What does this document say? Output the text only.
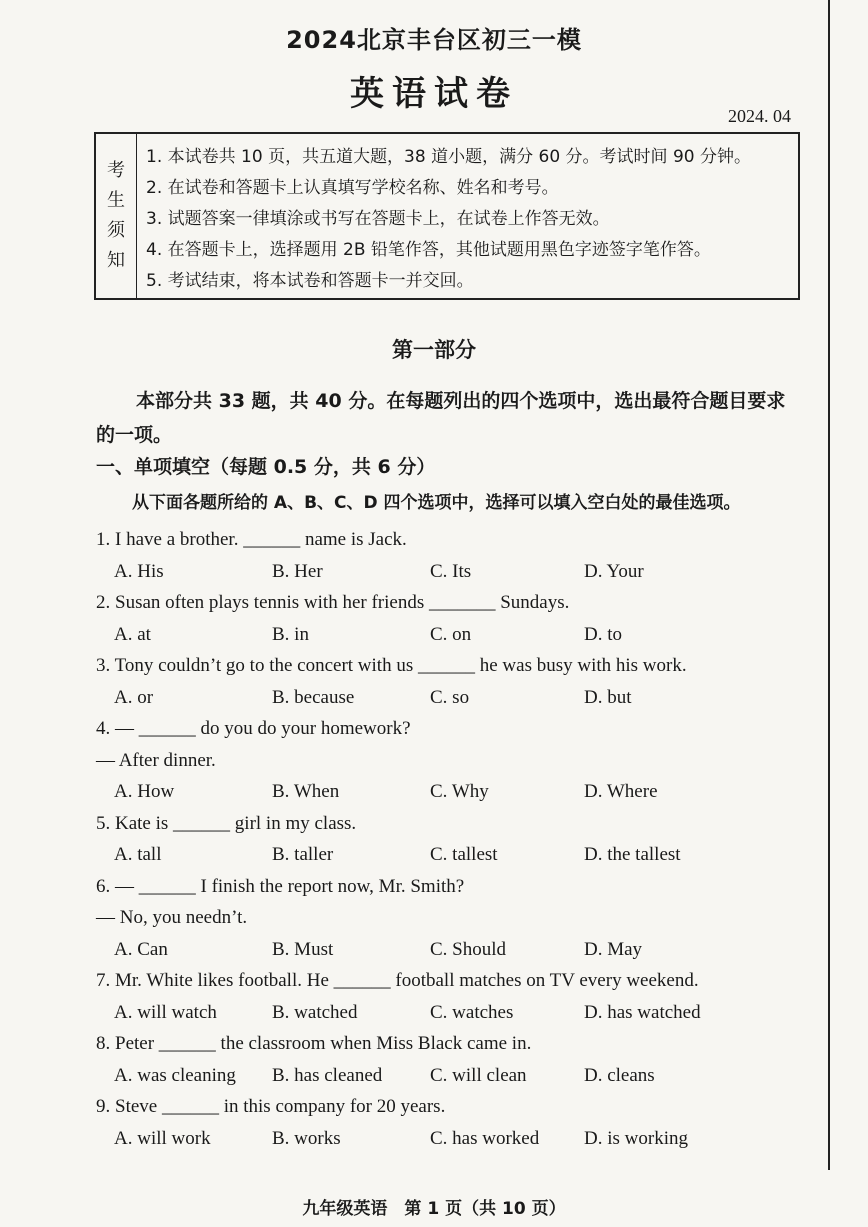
2024北京丰台区初三一模
英语试卷
2024. 04
考
生
须
知
1. 本试卷共 10 页，共五道大题，38 道小题，满分 60 分。考试时间 90 分钟。
2. 在试卷和答题卡上认真填写学校名称、姓名和考号。
3. 试题答案一律填涂或书写在答题卡上，在试卷上作答无效。
4. 在答题卡上，选择题用 2B 铅笔作答，其他试题用黑色字迹签字笔作答。
5. 考试结束，将本试卷和答题卡一并交回。
第一部分
本部分共 33 题，共 40 分。在每题列出的四个选项中，选出最符合题目要求的一项。
一、单项填空（每题 0.5 分，共 6 分）
从下面各题所给的 A、B、C、D 四个选项中，选择可以填入空白处的最佳选项。
1. I have a brother. ______ name is Jack.
A. His	B. Her	C. Its	D. Your
2. Susan often plays tennis with her friends _______ Sundays.
A. at	B. in	C. on	D. to
3. Tony couldn’t go to the concert with us ______ he was busy with his work.
A. or	B. because	C. so	D. but
4. — ______ do you do your homework?
— After dinner.
A. How	B. When	C. Why	D. Where
5. Kate is ______ girl in my class.
A. tall	B. taller	C. tallest	D. the tallest
6. — ______ I finish the report now, Mr. Smith?
— No, you needn’t.
A. Can	B. Must	C. Should	D. May
7. Mr. White likes football. He ______ football matches on TV every weekend.
A. will watch	B. watched	C. watches	D. has watched
8. Peter ______ the classroom when Miss Black came in.
A. was cleaning B. has cleaned	C. will clean	D. cleans
9. Steve ______ in this company for 20 years.
A. will work	B. works	C. has worked D. is working
九年级英语　第 1 页（共 10 页）
